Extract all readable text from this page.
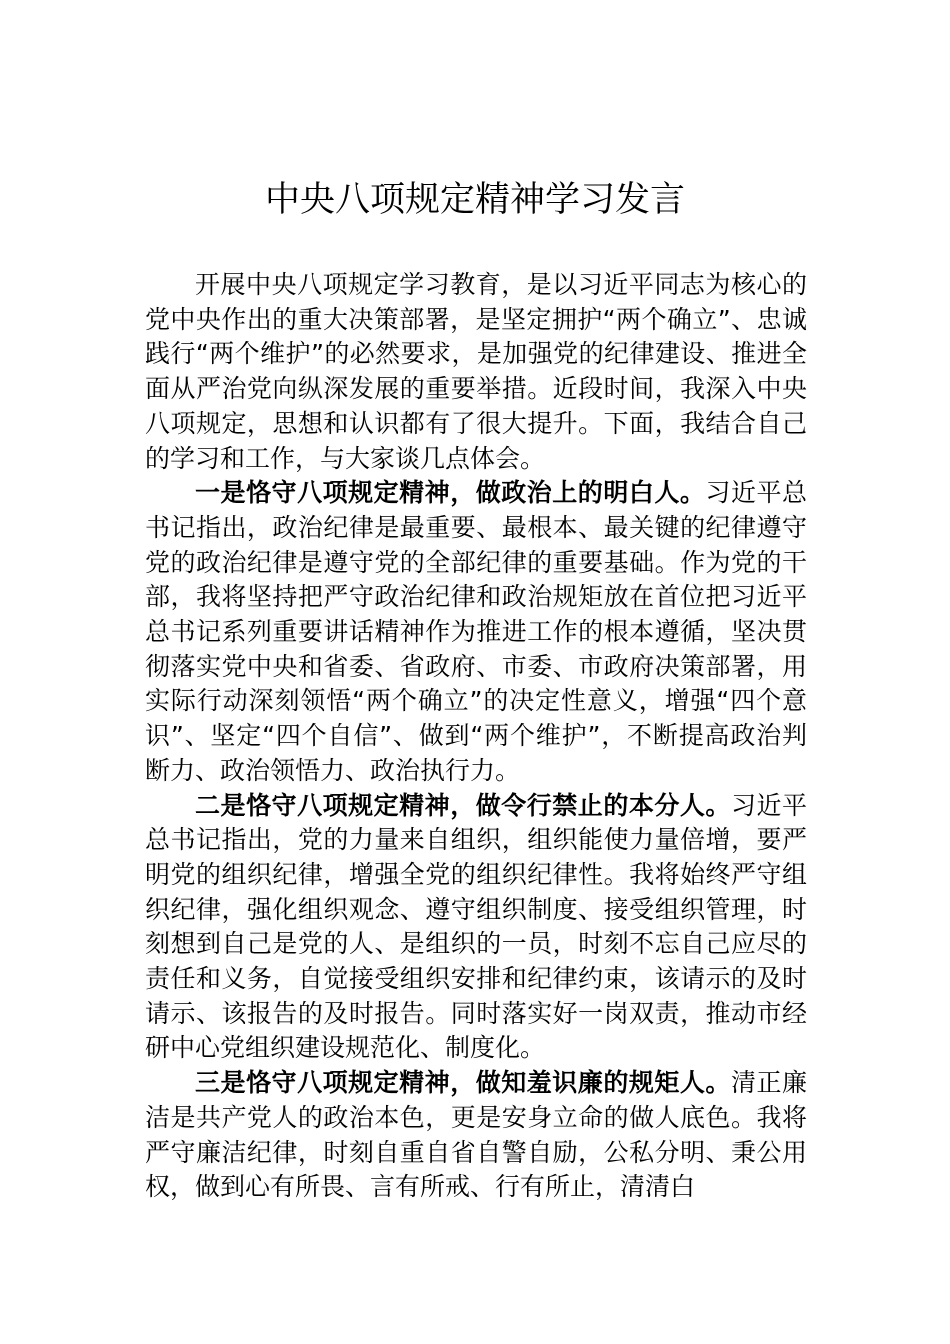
中央八项规定精神学习发言

开展中央八项规定学习教育，是以习近平同志为核心的党中央作出的重大决策部署，是坚定拥护“两个确立”、忠诚践行“两个维护”的必然要求，是加强党的纪律建设、推进全面从严治党向纵深发展的重要举措。近段时间，我深入中央八项规定，思想和认识都有了很大提升。下面，我结合自己的学习和工作，与大家谈几点体会。

一是恪守八项规定精神，做政治上的明白人。习近平总书记指出，政治纪律是最重要、最根本、最关键的纪律遵守党的政治纪律是遵守党的全部纪律的重要基础。作为党的干部，我将坚持把严守政治纪律和政治规矩放在首位把习近平总书记系列重要讲话精神作为推进工作的根本遵循，坚决贯彻落实党中央和省委、省政府、市委、市政府决策部署，用实际行动深刻领悟“两个确立”的决定性意义，增强“四个意识”、坚定“四个自信”、做到“两个维护”，不断提高政治判断力、政治领悟力、政治执行力。

二是恪守八项规定精神，做令行禁止的本分人。习近平总书记指出，党的力量来自组织，组织能使力量倍增，要严明党的组织纪律，增强全党的组织纪律性。我将始终严守组织纪律，强化组织观念、遵守组织制度、接受组织管理，时刻想到自己是党的人、是组织的一员，时刻不忘自己应尽的责任和义务，自觉接受组织安排和纪律约束，该请示的及时请示、该报告的及时报告。同时落实好一岗双责，推动市经研中心党组织建设规范化、制度化。

三是恪守八项规定精神，做知羞识廉的规矩人。清正廉洁是共产党人的政治本色，更是安身立命的做人底色。我将严守廉洁纪律，时刻自重自省自警自励，公私分明、秉公用权，做到心有所畏、言有所戒、行有所止，清清白
